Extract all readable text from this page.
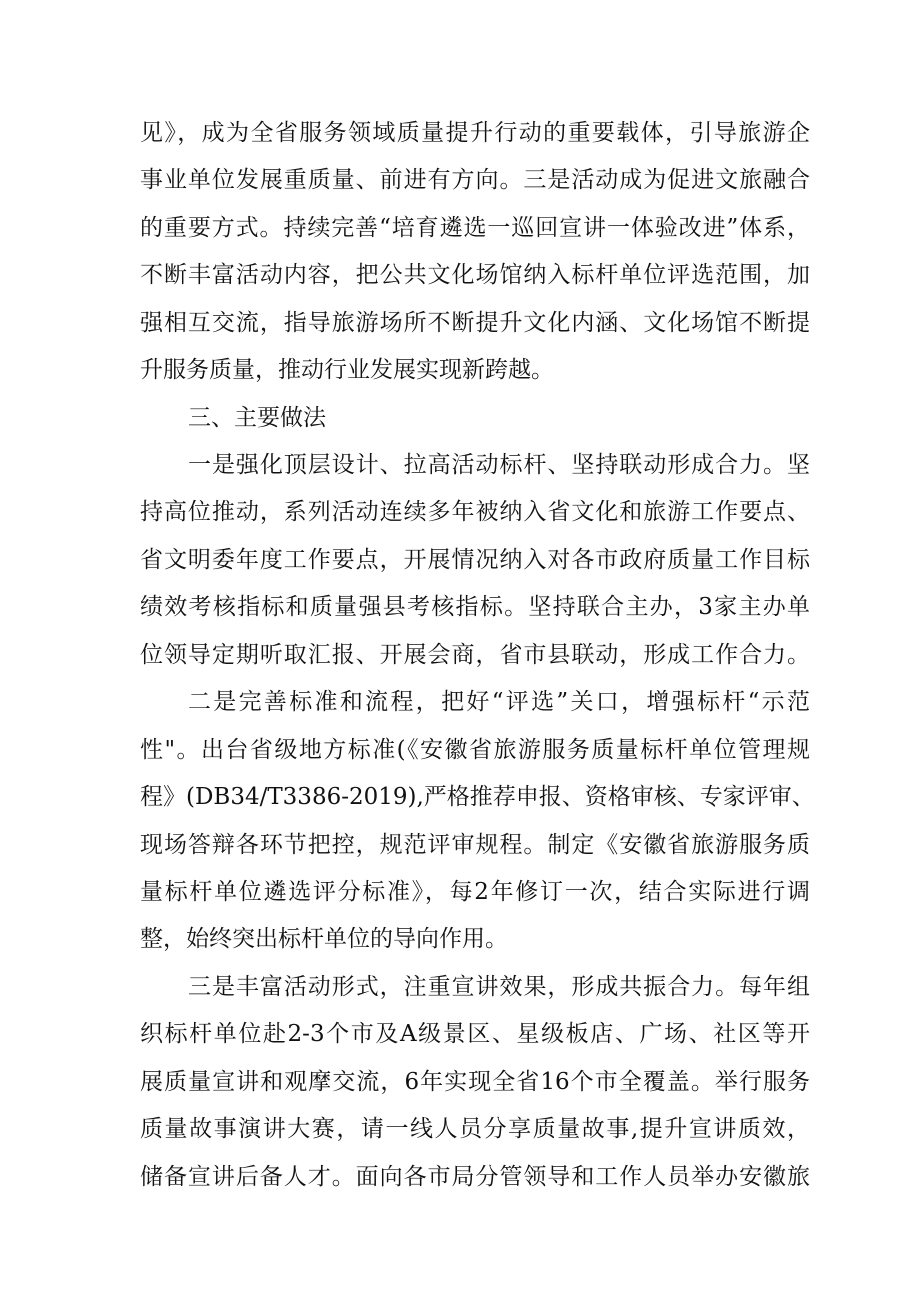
见》，成为全省服务领域质量提升行动的重要载体，引导旅游企
事业单位发展重质量、前进有方向。三是活动成为促进文旅融合
的重要方式。持续完善“培育遴选一巡回宣讲一体验改进”体系，
不断丰富活动内容，把公共文化场馆纳入标杆单位评选范围，加
强相互交流，指导旅游场所不断提升文化内涵、文化场馆不断提
升服务质量，推动行业发展实现新跨越。
三、主要做法
一是强化顶层设计、拉高活动标杆、坚持联动形成合力。坚
持高位推动，系列活动连续多年被纳入省文化和旅游工作要点、
省文明委年度工作要点，开展情况纳入对各市政府质量工作目标
绩效考核指标和质量强县考核指标。坚持联合主办，3家主办单
位领导定期听取汇报、开展会商，省市县联动，形成工作合力。
二是完善标准和流程，把好“评选”关口，增强标杆“示范
性"。出台省级地方标准(《安徽省旅游服务质量标杆单位管理规
程》(DB34/T3386-2019),严格推荐申报、资格审核、专家评审、
现场答辩各环节把控，规范评审规程。制定《安徽省旅游服务质
量标杆单位遴选评分标准》，每2年修订一次，结合实际进行调
整，始终突出标杆单位的导向作用。
三是丰富活动形式，注重宣讲效果，形成共振合力。每年组
织标杆单位赴2-3个市及A级景区、星级板店、广场、社区等开
展质量宣讲和观摩交流，6年实现全省16个市全覆盖。举行服务
质量故事演讲大赛，请一线人员分享质量故事,提升宣讲质效，
储备宣讲后备人才。面向各市局分管领导和工作人员举办安徽旅
